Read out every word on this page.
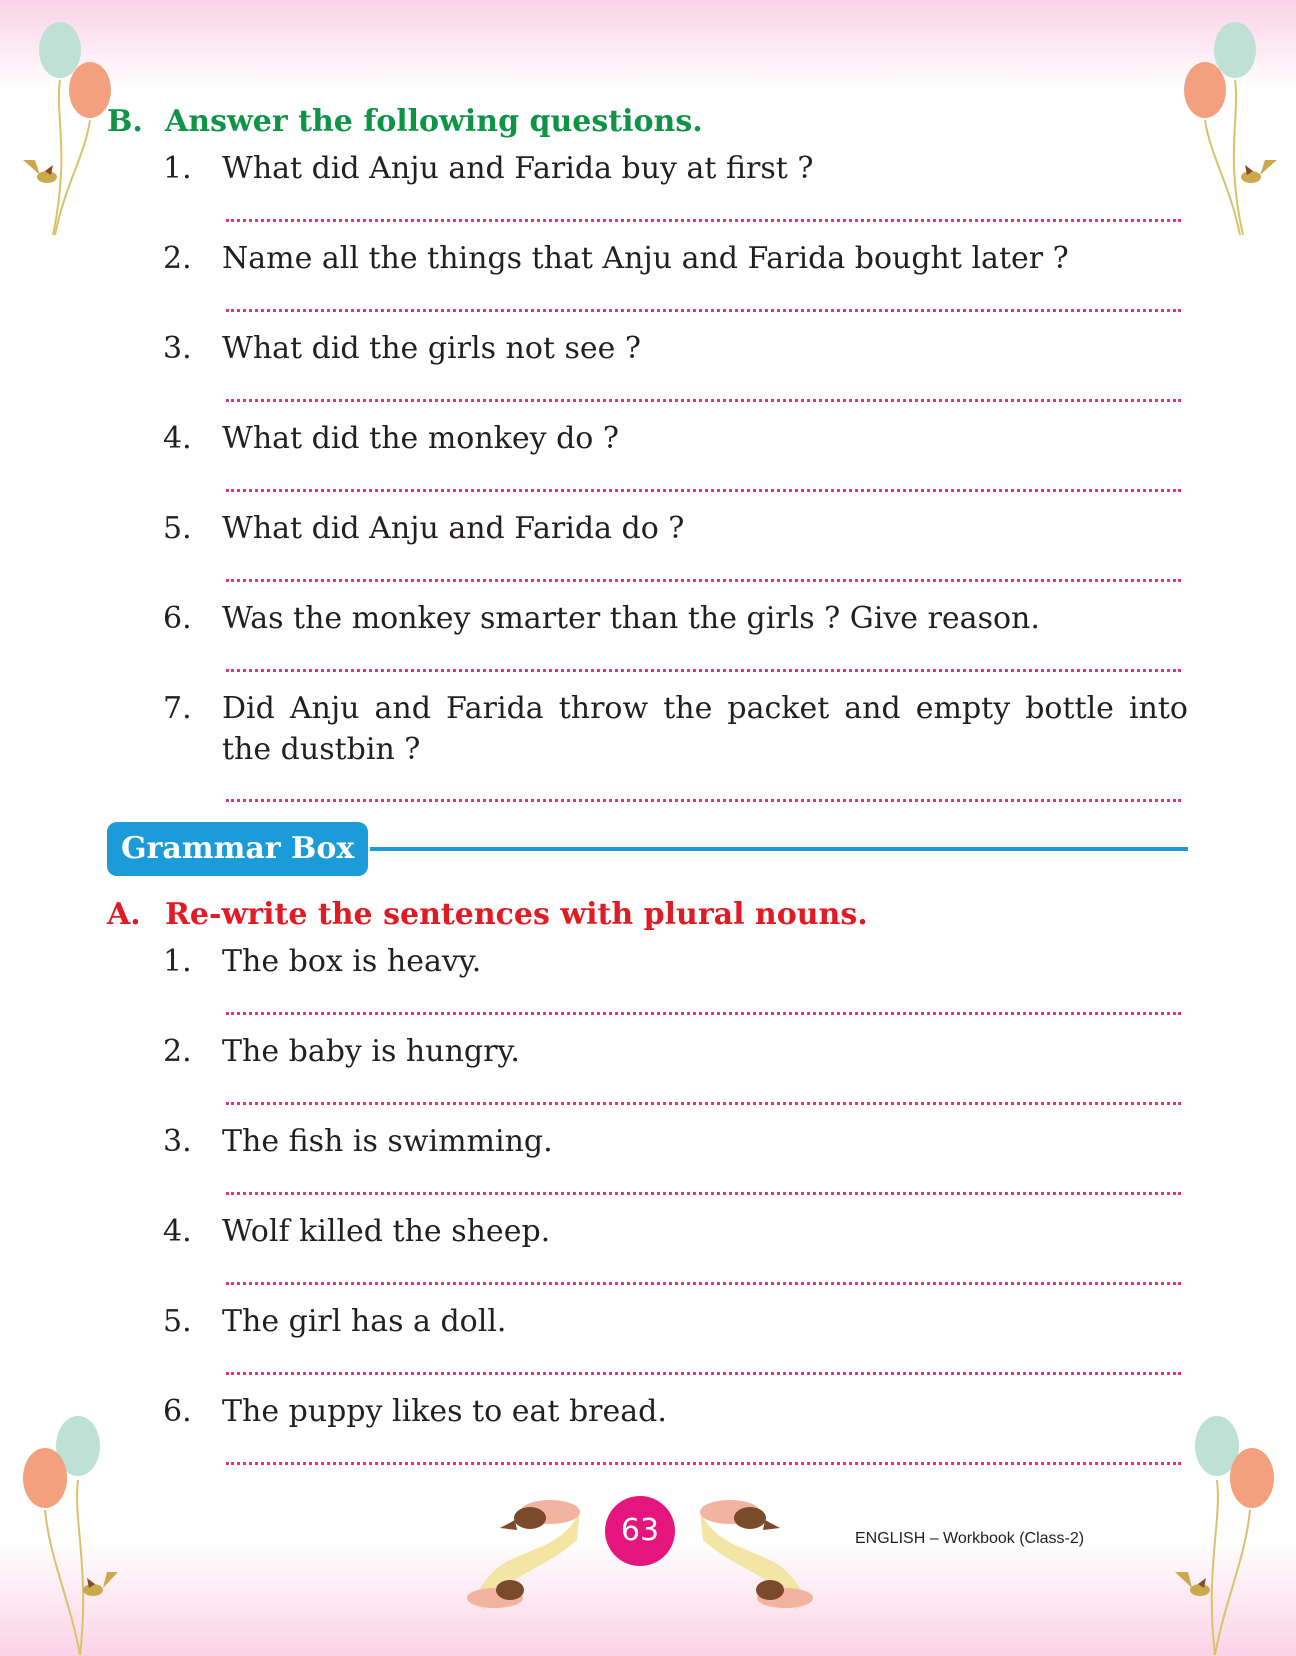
B. Answer the following questions.
1.	What did Anju and Farida buy at first ?
2.	Name all the things that Anju and Farida bought later ?
3.	What did the girls not see ?
4.	What did the monkey do ?
5.	What did Anju and Farida do ?
6.	Was the monkey smarter than the girls ? Give reason.
7.	Did Anju and Farida throw the packet and empty bottle into the dustbin ?
Grammar Box
A. Re-write the sentences with plural nouns.
1.	The box is heavy.
2.	The baby is hungry.
3.	The fish is swimming.
4.	Wolf killed the sheep.
5.	The girl has a doll.
6.	The puppy likes to eat bread.
63	ENGLISH – Workbook (Class-2)
